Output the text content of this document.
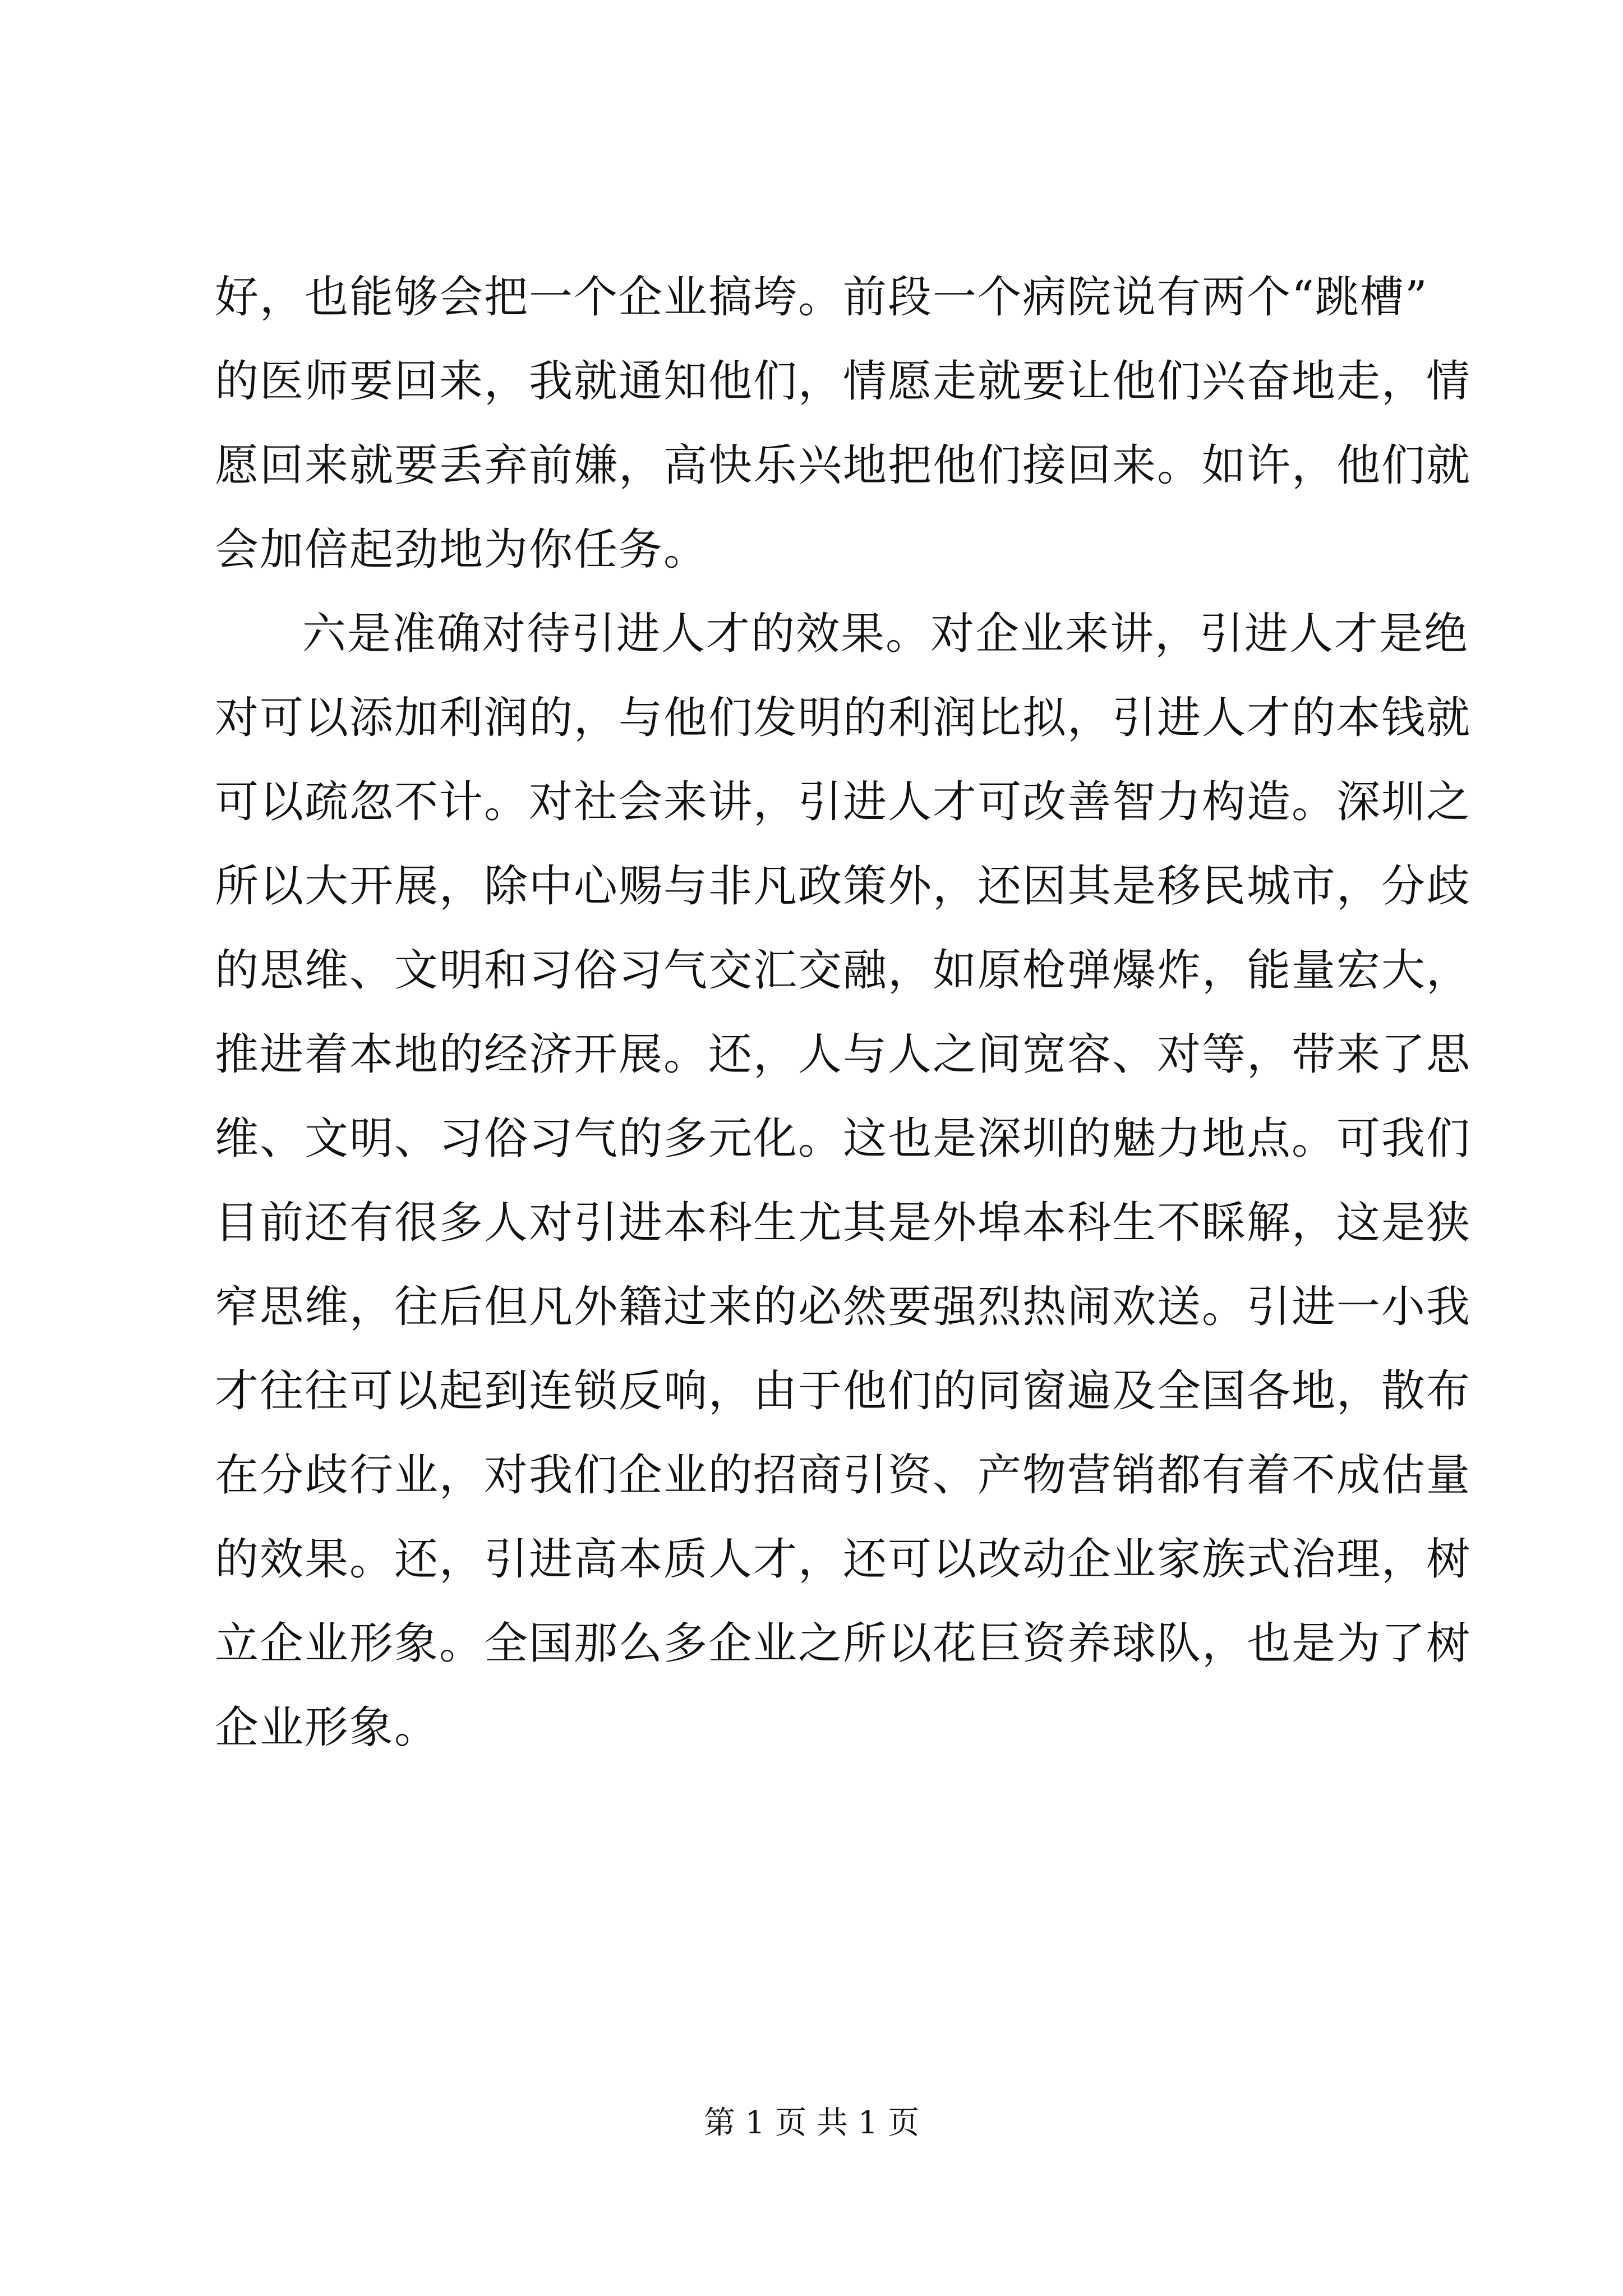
好，也能够会把一个企业搞垮。前段一个病院说有两个“跳槽”
的医师要回来，我就通知他们，情愿走就要让他们兴奋地走，情
愿回来就要丢弃前嫌，高快乐兴地把他们接回来。如许，他们就
会加倍起劲地为你任务。
六是准确对待引进人才的效果。对企业来讲，引进人才是绝
对可以添加利润的，与他们发明的利润比拟，引进人才的本钱就
可以疏忽不计。对社会来讲，引进人才可改善智力构造。深圳之
所以大开展，除中心赐与非凡政策外，还因其是移民城市，分歧
的思维、文明和习俗习气交汇交融，如原枪弹爆炸，能量宏大，
推进着本地的经济开展。还，人与人之间宽容、对等，带来了思
维、文明、习俗习气的多元化。这也是深圳的魅力地点。可我们
目前还有很多人对引进本科生尤其是外埠本科生不睬解，这是狭
窄思维，往后但凡外籍过来的必然要强烈热闹欢送。引进一小我
才往往可以起到连锁反响，由于他们的同窗遍及全国各地，散布
在分歧行业，对我们企业的招商引资、产物营销都有着不成估量
的效果。还，引进高本质人才，还可以改动企业家族式治理，树
立企业形象。全国那么多企业之所以花巨资养球队，也是为了树
企业形象。
第 1 页 共 1 页
